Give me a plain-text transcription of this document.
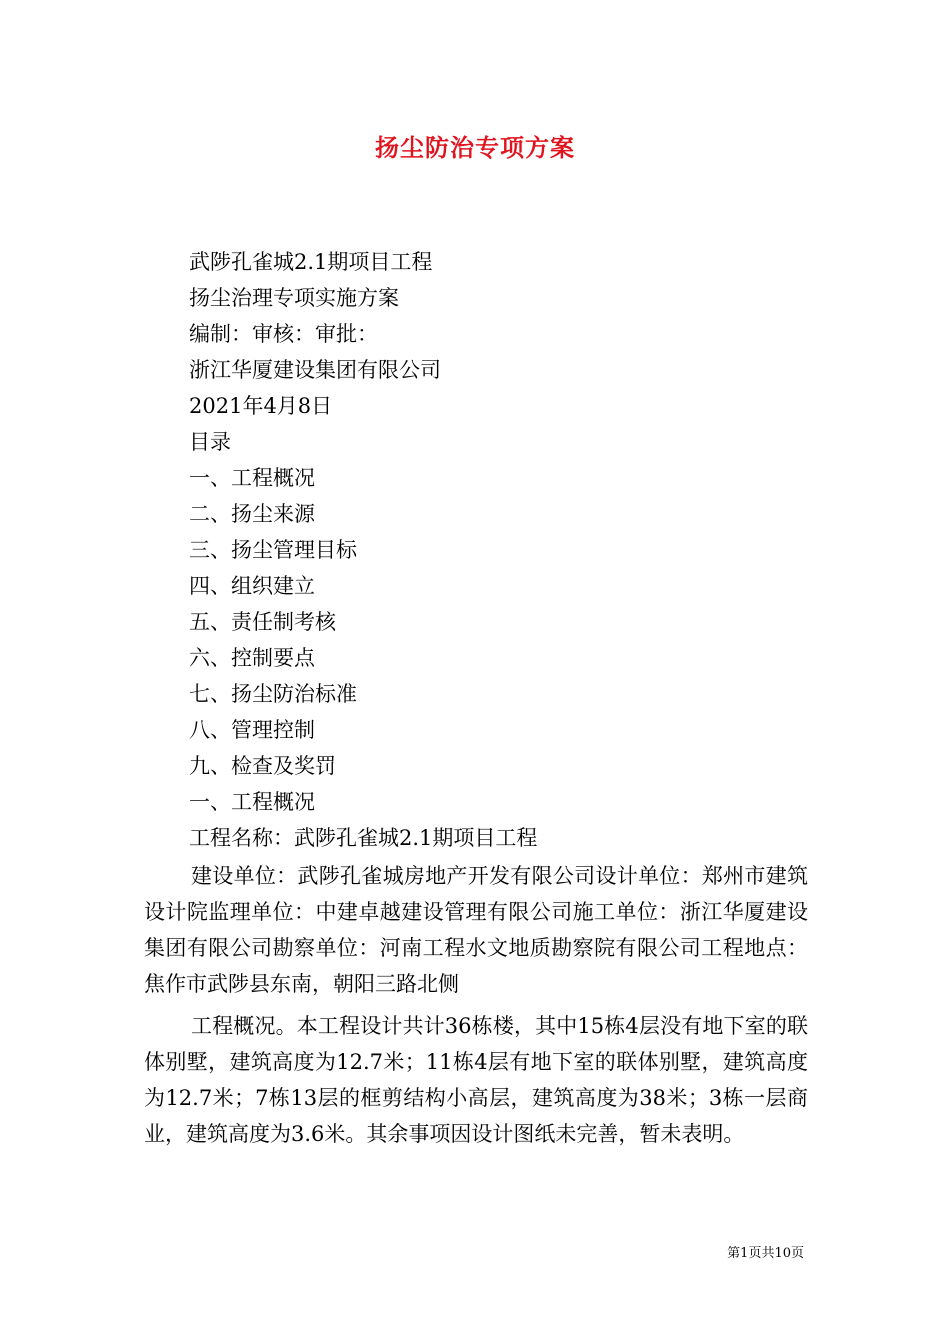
扬尘防治专项方案
武陟孔雀城2.1期项目工程
扬尘治理专项实施方案
编制：审核：审批：
浙江华厦建设集团有限公司
2021年4月8日
目录
一、工程概况
二、扬尘来源
三、扬尘管理目标
四、组织建立
五、责任制考核
六、控制要点
七、扬尘防治标准
八、管理控制
九、检查及奖罚
一、工程概况
工程名称：武陟孔雀城2.1期项目工程
建设单位：武陟孔雀城房地产开发有限公司设计单位：郑州市建筑设计院监理单位：中建卓越建设管理有限公司施工单位：浙江华厦建设集团有限公司勘察单位：河南工程水文地质勘察院有限公司工程地点：焦作市武陟县东南，朝阳三路北侧
工程概况。本工程设计共计36栋楼，其中15栋4层没有地下室的联体别墅，建筑高度为12.7米；11栋4层有地下室的联体别墅，建筑高度为12.7米；7栋13层的框剪结构小高层，建筑高度为38米；3栋一层商业，建筑高度为3.6米。其余事项因设计图纸未完善，暂未表明。
第1页共10页
